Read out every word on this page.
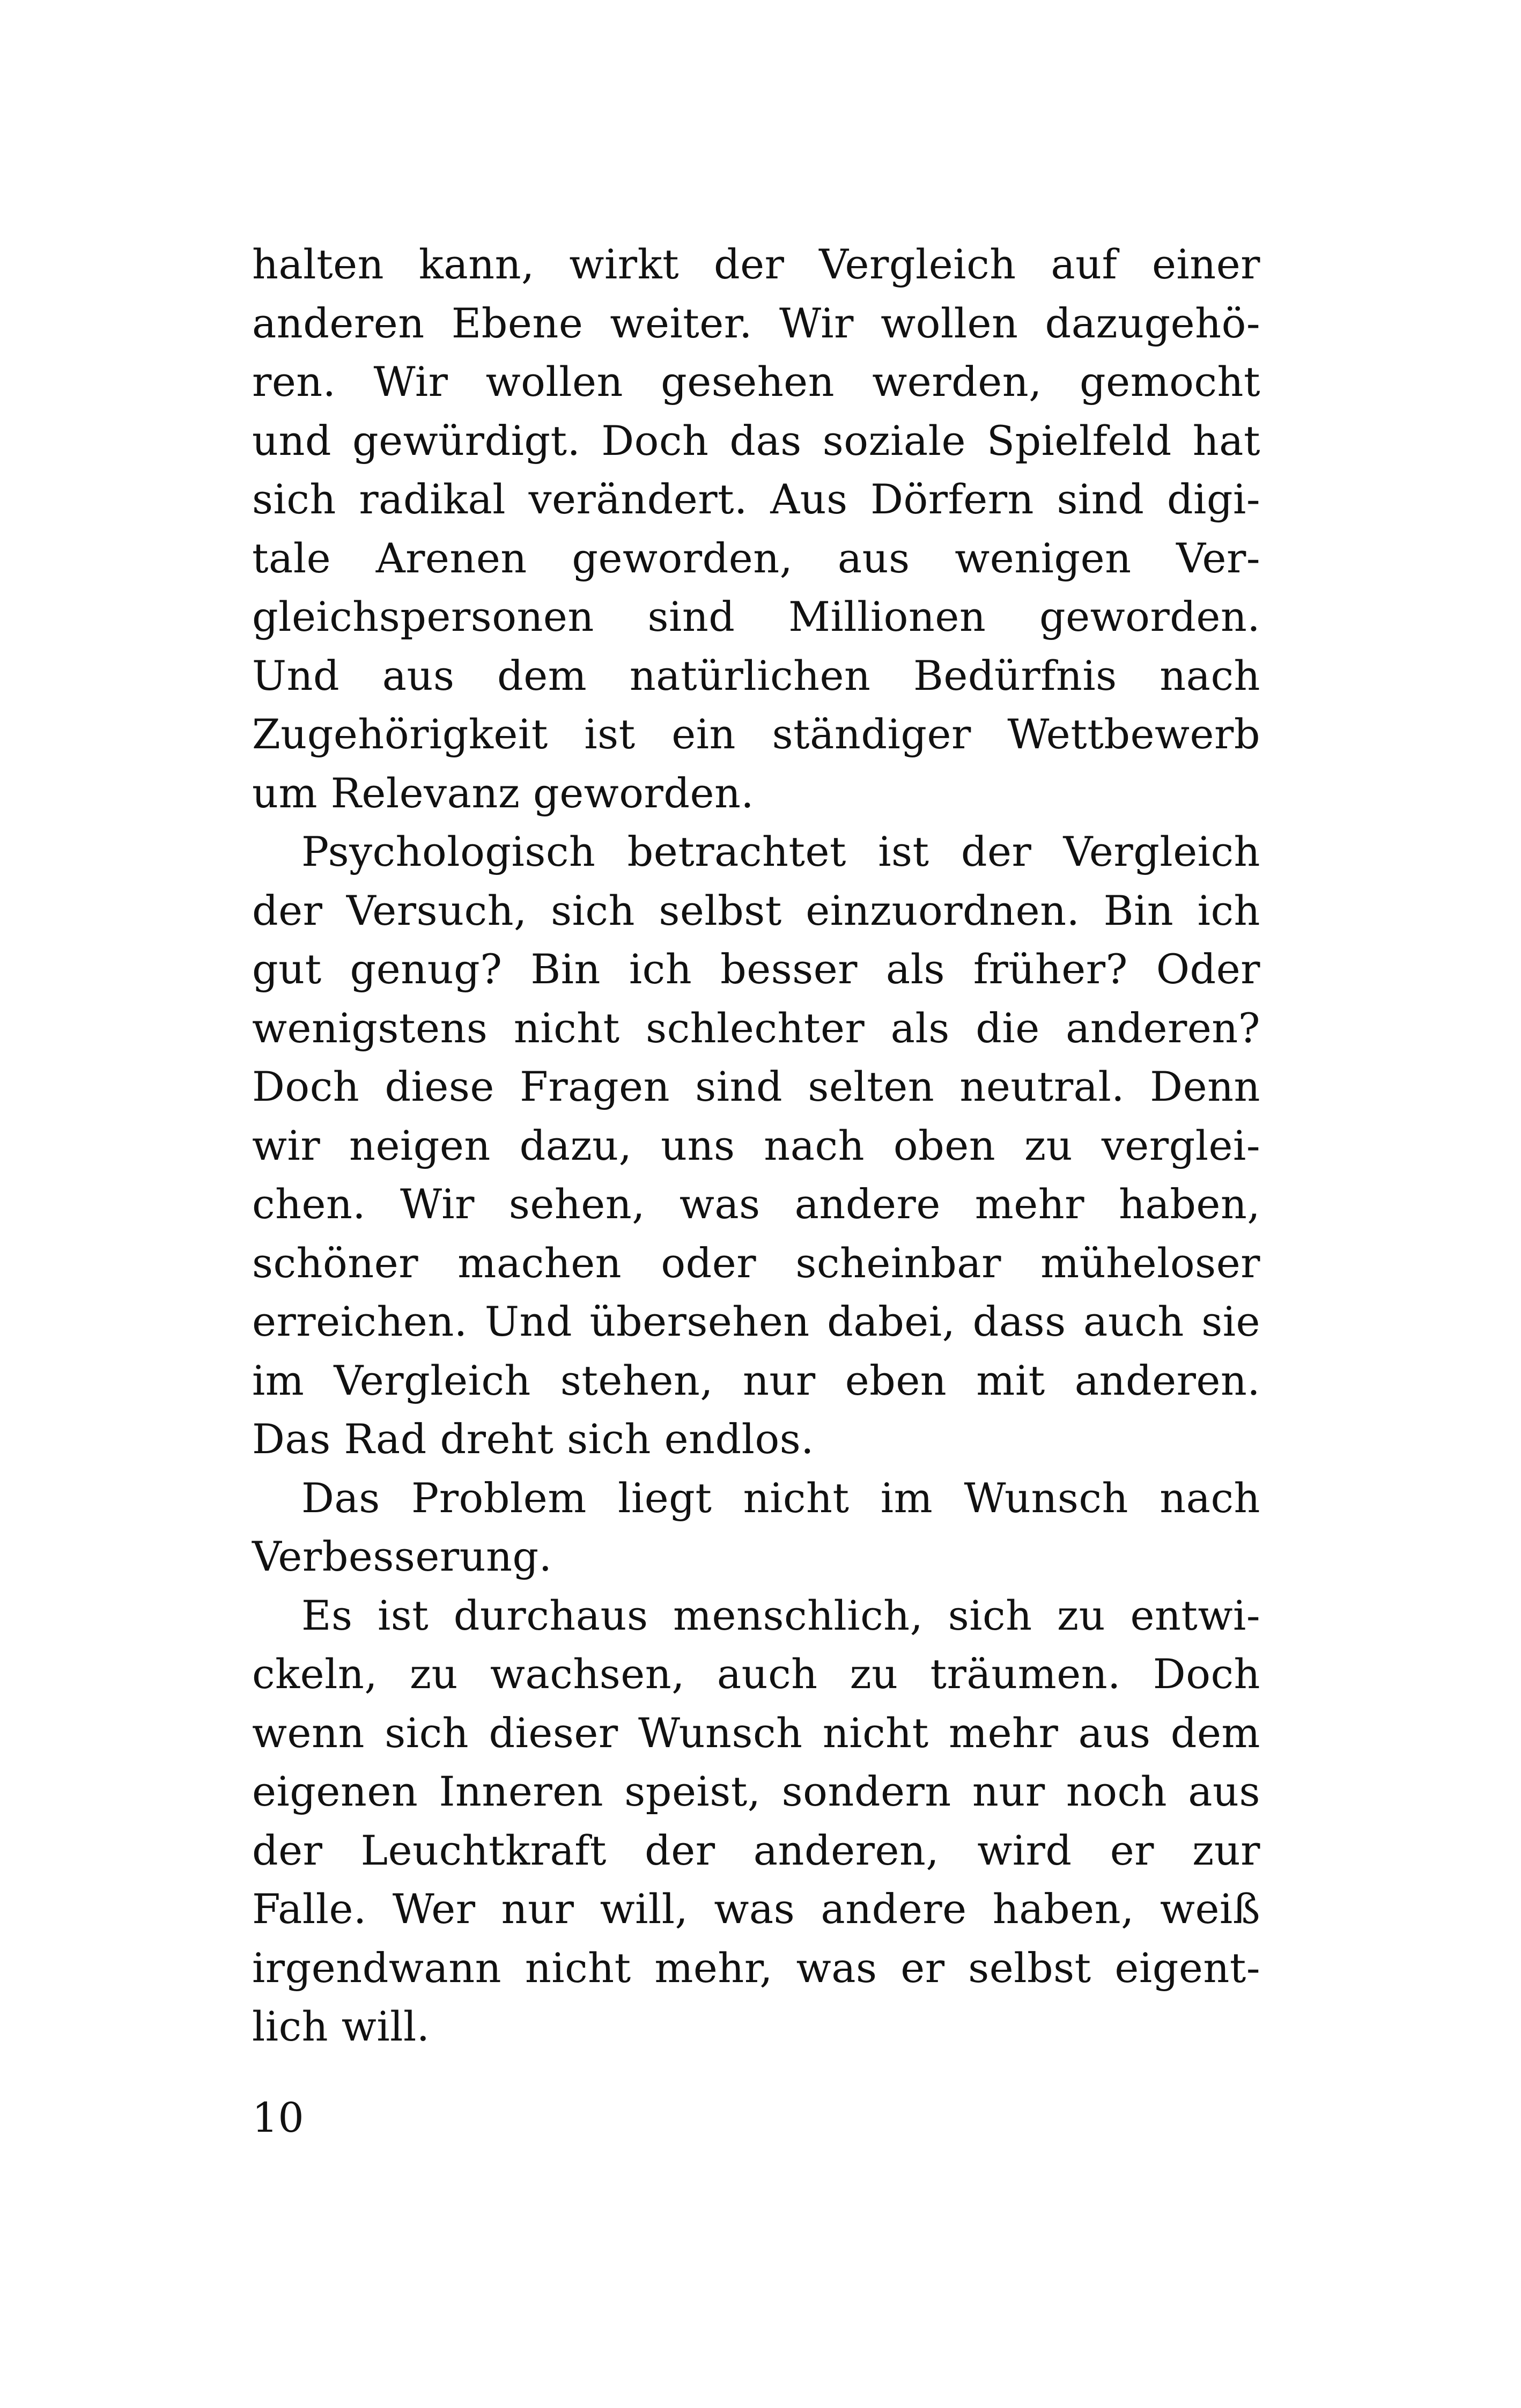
halten kann, wirkt der Vergleich auf einer
anderen Ebene weiter. Wir wollen dazugehö-
ren. Wir wollen gesehen werden, gemocht
und gewürdigt. Doch das soziale Spielfeld hat
sich radikal verändert. Aus Dörfern sind digi-
tale Arenen geworden, aus wenigen Ver-
gleichspersonen sind Millionen geworden.
Und aus dem natürlichen Bedürfnis nach
Zugehörigkeit ist ein ständiger Wettbewerb
um Relevanz geworden.
Psychologisch betrachtet ist der Vergleich
der Versuch, sich selbst einzuordnen. Bin ich
gut genug? Bin ich besser als früher? Oder
wenigstens nicht schlechter als die anderen?
Doch diese Fragen sind selten neutral. Denn
wir neigen dazu, uns nach oben zu verglei-
chen. Wir sehen, was andere mehr haben,
schöner machen oder scheinbar müheloser
erreichen. Und übersehen dabei, dass auch sie
im Vergleich stehen, nur eben mit anderen.
Das Rad dreht sich endlos.
Das Problem liegt nicht im Wunsch nach
Verbesserung.
Es ist durchaus menschlich, sich zu entwi-
ckeln, zu wachsen, auch zu träumen. Doch
wenn sich dieser Wunsch nicht mehr aus dem
eigenen Inneren speist, sondern nur noch aus
der Leuchtkraft der anderen, wird er zur
Falle. Wer nur will, was andere haben, weiß
irgendwann nicht mehr, was er selbst eigent-
lich will.
10
